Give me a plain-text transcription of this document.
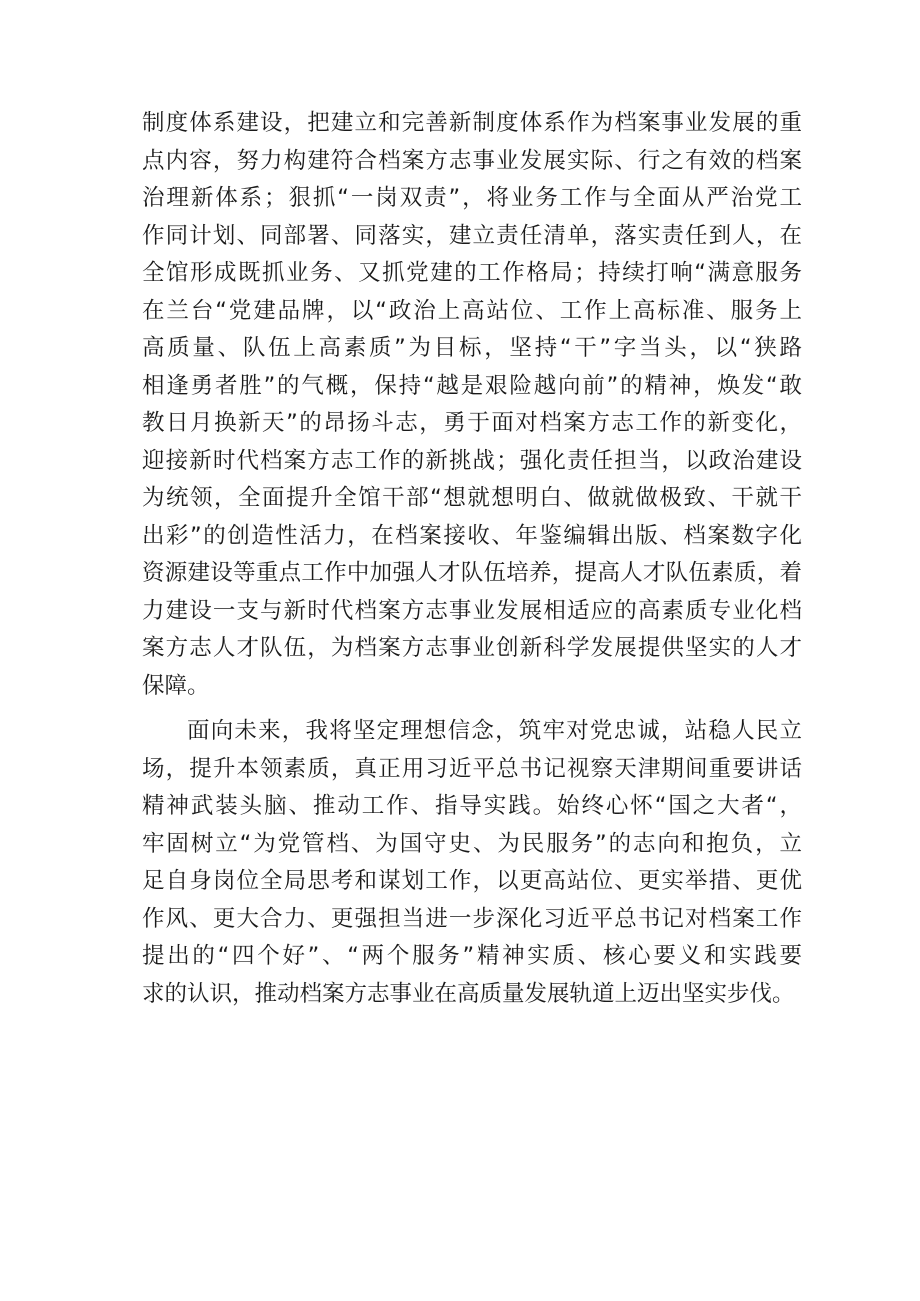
制度体系建设，把建立和完善新制度体系作为档案事业发展的重
点内容，努力构建符合档案方志事业发展实际、行之有效的档案
治理新体系；狠抓“一岗双责”，将业务工作与全面从严治党工
作同计划、同部署、同落实，建立责任清单，落实责任到人，在
全馆形成既抓业务、又抓党建的工作格局；持续打响“满意服务
在兰台“党建品牌，以“政治上高站位、工作上高标准、服务上
高质量、队伍上高素质”为目标，坚持“干”字当头，以“狭路
相逢勇者胜”的气概，保持“越是艰险越向前”的精神，焕发“敢
教日月换新天”的昂扬斗志，勇于面对档案方志工作的新变化，
迎接新时代档案方志工作的新挑战；强化责任担当，以政治建设
为统领，全面提升全馆干部“想就想明白、做就做极致、干就干
出彩”的创造性活力，在档案接收、年鉴编辑出版、档案数字化
资源建设等重点工作中加强人才队伍培养，提高人才队伍素质，着
力建设一支与新时代档案方志事业发展相适应的高素质专业化档
案方志人才队伍，为档案方志事业创新科学发展提供坚实的人才
保障。
面向未来，我将坚定理想信念，筑牢对党忠诚，站稳人民立
场，提升本领素质，真正用习近平总书记视察天津期间重要讲话
精神武装头脑、推动工作、指导实践。始终心怀“国之大者“，
牢固树立“为党管档、为国守史、为民服务”的志向和抱负，立
足自身岗位全局思考和谋划工作，以更高站位、更实举措、更优
作风、更大合力、更强担当进一步深化习近平总书记对档案工作
提出的“四个好”、“两个服务”精神实质、核心要义和实践要
求的认识，推动档案方志事业在高质量发展轨道上迈出坚实步伐。
